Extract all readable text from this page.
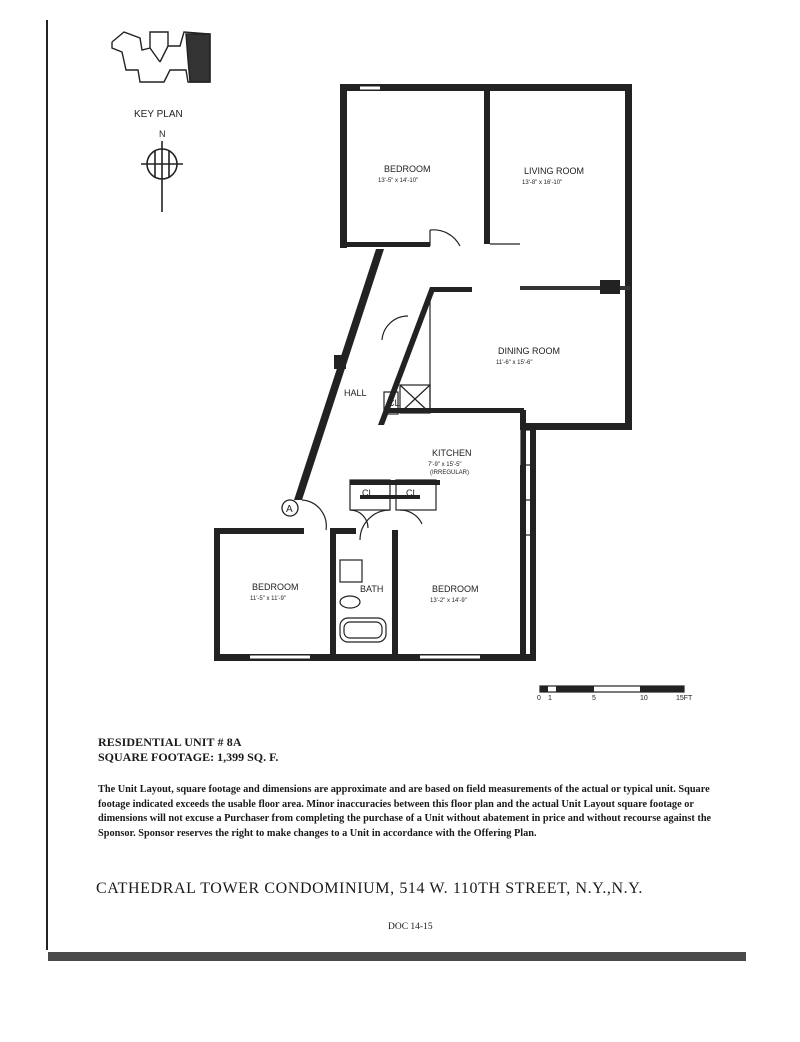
KEY PLAN
N
BEDROOM
13'-5" x 14'-10"
LIVING ROOM
13'-8" x 16'-10"
DINING ROOM
11'-6" x 15'-6"
KITCHEN
7'-9" x 15'-5"
(IRREGULAR)
HALL
CL
CL	CL
BEDROOM
11'-5" x 11'-9"
BATH	BEDROOM
13'-2" x 14'-9"
A
0 1	5	10	15FT
RESIDENTIAL UNIT # 8A
SQUARE FOOTAGE: 1,399 SQ. F.
The Unit Layout, square footage and dimensions are approximate and are based on field measurements of the actual or typical unit. Square footage indicated exceeds the usable floor area. Minor inaccuracies between this floor plan and the actual Unit Layout square footage or dimensions will not excuse a Purchaser from completing the purchase of a Unit without abatement in price and without recourse against the Sponsor. Sponsor reserves the right to make changes to a Unit in accordance with the Offering Plan.
CATHEDRAL TOWER CONDOMINIUM, 514 W. 110TH STREET, N.Y.,N.Y.
DOC 14-15
